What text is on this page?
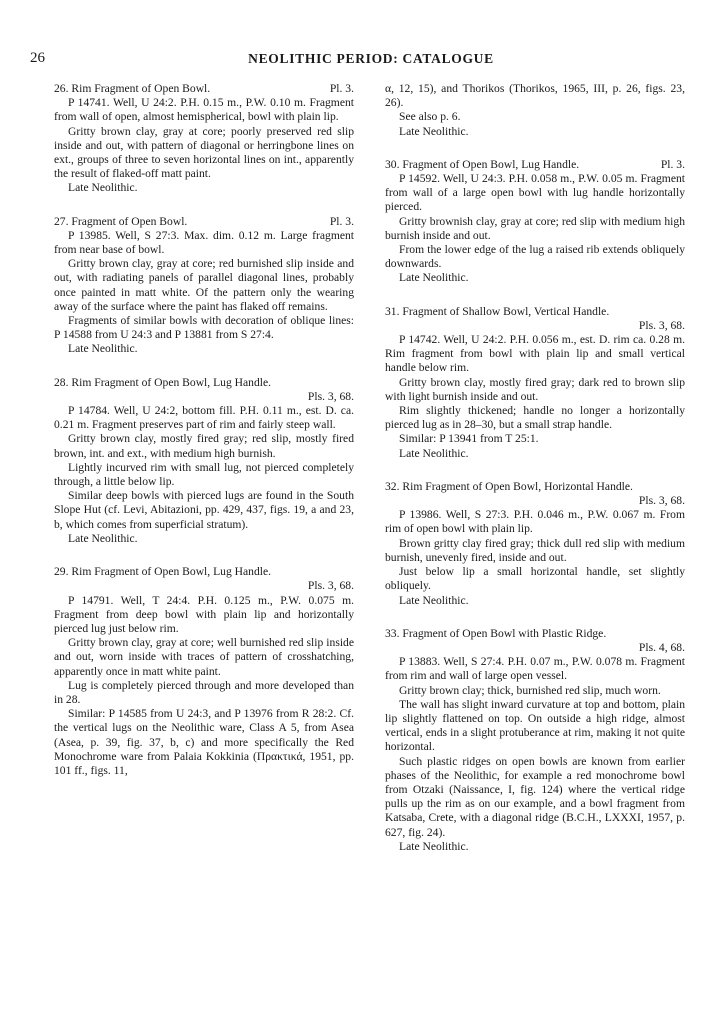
26	NEOLITHIC PERIOD: CATALOGUE
26. Rim Fragment of Open Bowl.	Pl. 3.

P 14741. Well, U 24:2. P.H. 0.15 m., P.W. 0.10 m. Fragment from wall of open, almost hemispherical, bowl with plain lip.

Gritty brown clay, gray at core; poorly preserved red slip inside and out, with pattern of diagonal or herringbone lines on ext., groups of three to seven horizontal lines on int., apparently the result of flaked-off matt paint.

Late Neolithic.
27. Fragment of Open Bowl.	Pl. 3.

P 13985. Well, S 27:3. Max. dim. 0.12 m. Large fragment from near base of bowl.

Gritty brown clay, gray at core; red burnished slip inside and out, with radiating panels of parallel diagonal lines, probably once painted in matt white. Of the pattern only the wearing away of the surface where the paint has flaked off remains.

Fragments of similar bowls with decoration of oblique lines: P 14588 from U 24:3 and P 13881 from S 27:4.

Late Neolithic.
28. Rim Fragment of Open Bowl, Lug Handle.
Pls. 3, 68.

P 14784. Well, U 24:2, bottom fill. P.H. 0.11 m., est. D. ca. 0.21 m. Fragment preserves part of rim and fairly steep wall.

Gritty brown clay, mostly fired gray; red slip, mostly fired brown, int. and ext., with medium high burnish.

Lightly incurved rim with small lug, not pierced completely through, a little below lip.

Similar deep bowls with pierced lugs are found in the South Slope Hut (cf. Levi, Abitazioni, pp. 429, 437, figs. 19, a and 23, b, which comes from superficial stratum).

Late Neolithic.
29. Rim Fragment of Open Bowl, Lug Handle.
Pls. 3, 68.

P 14791. Well, T 24:4. P.H. 0.125 m., P.W. 0.075 m. Fragment from deep bowl with plain lip and horizontally pierced lug just below rim.

Gritty brown clay, gray at core; well burnished red slip inside and out, worn inside with traces of pattern of crosshatching, apparently once in matt white paint.

Lug is completely pierced through and more developed than in 28.

Similar: P 14585 from U 24:3, and P 13976 from R 28:2. Cf. the vertical lugs on the Neolithic ware, Class A 5, from Asea (Asea, p. 39, fig. 37, b, c) and more specifically the Red Monochrome ware from Palaia Kokkinia (Πρακτικά, 1951, pp. 101 ff., figs. 11,

α, 12, 15), and Thorikos (Thorikos, 1965, III, p. 26, figs. 23, 26).

See also p. 6.

Late Neolithic.
30. Fragment of Open Bowl, Lug Handle.	Pl. 3.

P 14592. Well, U 24:3. P.H. 0.058 m., P.W. 0.05 m. Fragment from wall of a large open bowl with lug handle horizontally pierced.

Gritty brownish clay, gray at core; red slip with medium high burnish inside and out.

From the lower edge of the lug a raised rib extends obliquely downwards.

Late Neolithic.
31. Fragment of Shallow Bowl, Vertical Handle.
Pls. 3, 68.

P 14742. Well, U 24:2. P.H. 0.056 m., est. D. rim ca. 0.28 m. Rim fragment from bowl with plain lip and small vertical handle below rim.

Gritty brown clay, mostly fired gray; dark red to brown slip with light burnish inside and out.

Rim slightly thickened; handle no longer a horizontally pierced lug as in 28–30, but a small strap handle.

Similar: P 13941 from T 25:1.

Late Neolithic.
32. Rim Fragment of Open Bowl, Horizontal Handle.
Pls. 3, 68.

P 13986. Well, S 27:3. P.H. 0.046 m., P.W. 0.067 m. From rim of open bowl with plain lip.

Brown gritty clay fired gray; thick dull red slip with medium burnish, unevenly fired, inside and out.

Just below lip a small horizontal handle, set slightly obliquely.

Late Neolithic.
33. Fragment of Open Bowl with Plastic Ridge.
Pls. 4, 68.

P 13883. Well, S 27:4. P.H. 0.07 m., P.W. 0.078 m. Fragment from rim and wall of large open vessel.

Gritty brown clay; thick, burnished red slip, much worn.

The wall has slight inward curvature at top and bottom, plain lip slightly flattened on top. On outside a high ridge, almost vertical, ends in a slight protuberance at rim, making it not quite horizontal.

Such plastic ridges on open bowls are known from earlier phases of the Neolithic, for example a red monochrome bowl from Otzaki (Naissance, I, fig. 124) where the vertical ridge pulls up the rim as on our example, and a bowl fragment from Katsaba, Crete, with a diagonal ridge (B.C.H., LXXXI, 1957, p. 627, fig. 24).

Late Neolithic.
